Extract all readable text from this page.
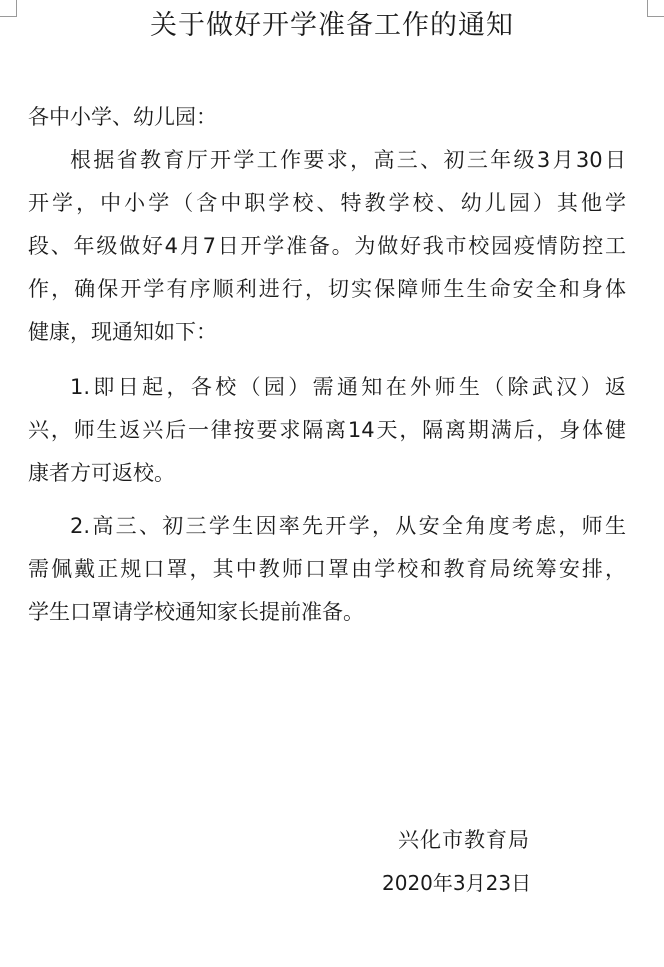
关于做好开学准备工作的通知
各中小学、幼儿园：
根据省教育厅开学工作要求，高三、初三年级3月30日
开学，中小学（含中职学校、特教学校、幼儿园）其他学
段、年级做好4月7日开学准备。为做好我市校园疫情防控工
作，确保开学有序顺利进行，切实保障师生生命安全和身体
健康，现通知如下：
1.即日起，各校（园）需通知在外师生（除武汉）返
兴，师生返兴后一律按要求隔离14天，隔离期满后，身体健
康者方可返校。
2.高三、初三学生因率先开学，从安全角度考虑，师生
需佩戴正规口罩，其中教师口罩由学校和教育局统筹安排，
学生口罩请学校通知家长提前准备。
兴化市教育局
2020年3月23日
